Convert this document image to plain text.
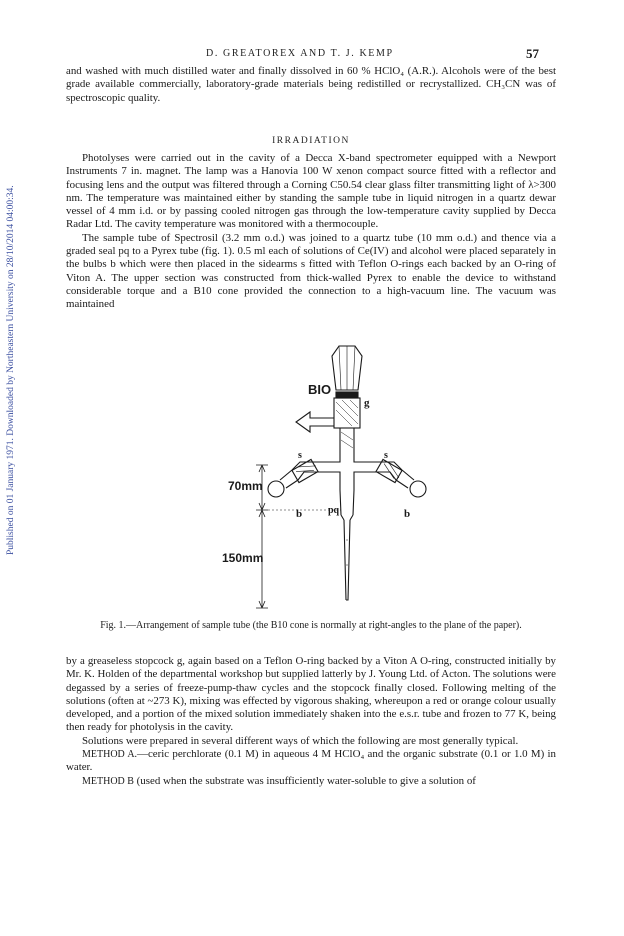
Published on 01 January 1971. Downloaded by Northeastern University on 28/10/2014 04:00:34.
D. GREATOREX AND T. J. KEMP	57

and washed with much distilled water and finally dissolved in 60 % HClO₄ (A.R.). Alcohols were of the best grade available commercially, laboratory-grade materials being redistilled or recrystallized. CH₃CN was of spectroscopic quality.

IRRADIATION

Photolyses were carried out in the cavity of a Decca X-band spectrometer equipped with a Newport Instruments 7 in. magnet. The lamp was a Hanovia 100 W xenon compact source fitted with a reflector and focusing lens and the output was filtered through a Corning C50.54 clear glass filter transmitting light of λ>300 nm. The temperature was maintained either by standing the sample tube in liquid nitrogen in a quartz dewar vessel of 4 mm i.d. or by passing cooled nitrogen gas through the low-temperature cavity supplied by Decca Radar Ltd. The cavity temperature was monitored with a thermocouple.

The sample tube of Spectrosil (3.2 mm o.d.) was joined to a quartz tube (10 mm o.d.) and thence via a graded seal pq to a Pyrex tube (fig. 1). 0.5 ml each of solutions of Ce(IV) and alcohol were placed separately in the bulbs b which were then placed in the sidearms s fitted with Teflon O-rings each backed by an O-ring of Viton A. The upper section was constructed from thick-walled Pyrex to enable the device to withstand considerable torque and a B10 cone provided the connection to a high-vacuum line. The vacuum was maintained

BIO
g
s	s
b	b
pq
70mm
150mm
Fig. 1.—Arrangement of sample tube (the B10 cone is normally at right-angles to the plane of the paper).

by a greaseless stopcock g, again based on a Teflon O-ring backed by a Viton A O-ring, constructed initially by Mr. K. Holden of the departmental workshop but supplied latterly by J. Young Ltd. of Acton. The solutions were degassed by a series of freeze-pump-thaw cycles and the stopcock finally closed. Following melting of the solutions (often at ~273 K), mixing was effected by vigorous shaking, whereupon a red or orange colour usually developed, and a portion of the mixed solution immediately shaken into the e.s.r. tube and frozen to 77 K, being then ready for photolysis in the cavity.

Solutions were prepared in several different ways of which the following are most generally typical.

METHOD A.—ceric perchlorate (0.1 M) in aqueous 4 M HClO₄ and the organic substrate (0.1 or 1.0 M) in water.

METHOD B (used when the substrate was insufficiently water-soluble to give a solution of
